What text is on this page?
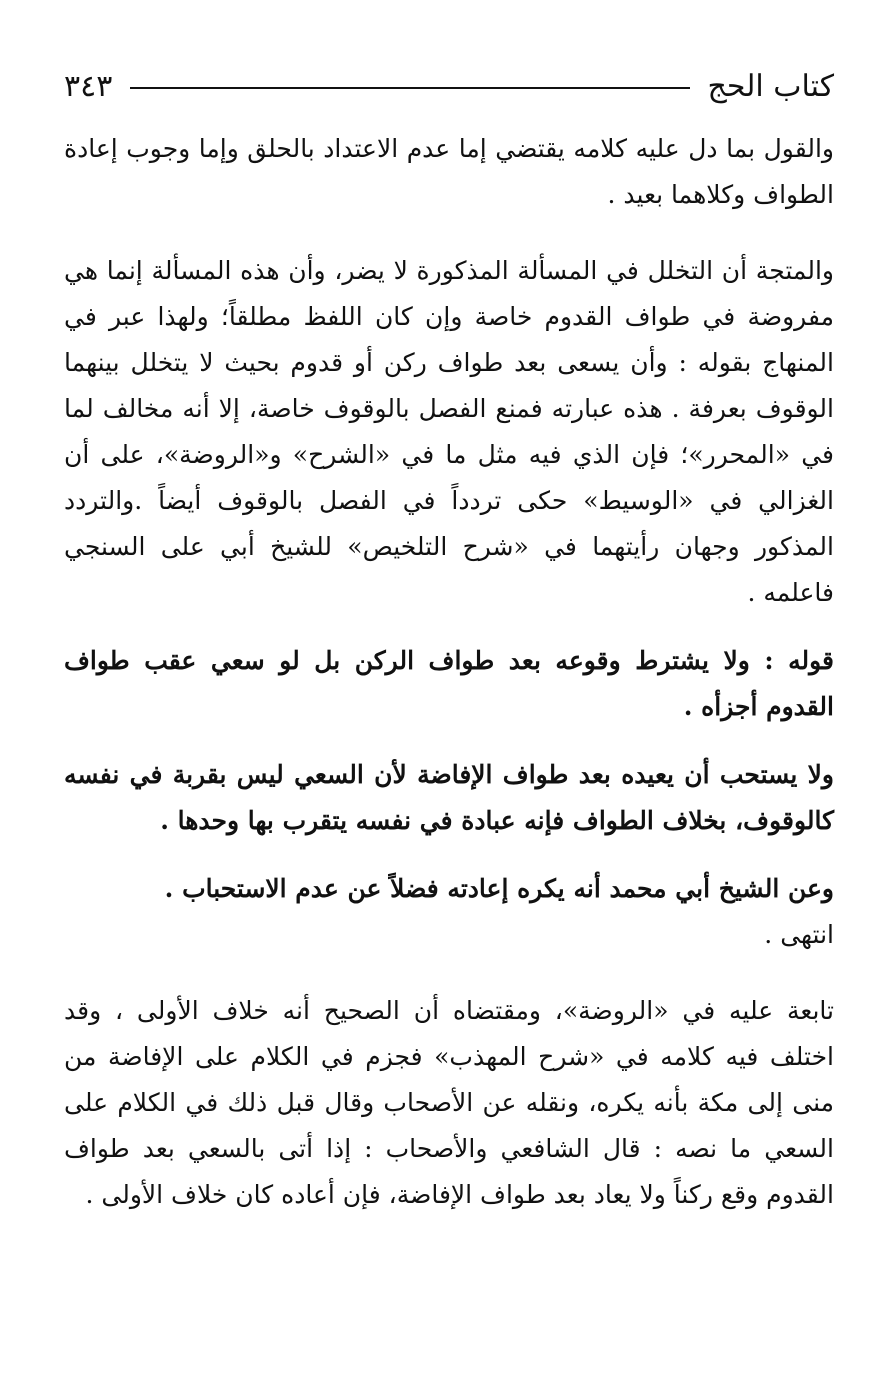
كتاب الحج
٣٤٣

والقول بما دل عليه كلامه يقتضي إما عدم الاعتداد بالحلق وإما وجوب إعادة الطواف وكلاهما بعيد .

والمتجة أن التخلل في المسألة المذكورة لا يضر، وأن هذه المسألة إنما هي مفروضة في طواف القدوم خاصة وإن كان اللفظ مطلقاً؛ ولهذا عبر في المنهاج بقوله : وأن يسعى بعد طواف ركن أو قدوم بحيث لا يتخلل بينهما الوقوف بعرفة . هذه عبارته فمنع الفصل بالوقوف خاصة، إلا أنه مخالف لما في «المحرر»؛ فإن الذي فيه مثل ما في «الشرح» و«الروضة»، على أن الغزالي في «الوسيط» حكى تردداً في الفصل بالوقوف أيضاً .والتردد المذكور وجهان رأيتهما في «شرح التلخيص» للشيخ أبي على السنجي فاعلمه .

قوله : ولا يشترط وقوعه بعد طواف الركن بل لو سعي عقب طواف القدوم أجزأه .

ولا يستحب أن يعيده بعد طواف الإفاضة لأن السعي ليس بقربة في نفسه كالوقوف، بخلاف الطواف فإنه عبادة في نفسه يتقرب بها وحدها .

وعن الشيخ أبي محمد أنه يكره إعادته فضلاً عن عدم الاستحباب .

انتهى .

تابعة عليه في «الروضة»، ومقتضاه أن الصحيح أنه خلاف الأولى ، وقد اختلف فيه كلامه في «شرح المهذب» فجزم في الكلام على الإفاضة من منى إلى مكة بأنه يكره، ونقله عن الأصحاب وقال قبل ذلك في الكلام على السعي ما نصه : قال الشافعي والأصحاب : إذا أتى بالسعي بعد طواف القدوم وقع ركناً ولا يعاد بعد طواف الإفاضة، فإن أعاده كان خلاف الأولى .
